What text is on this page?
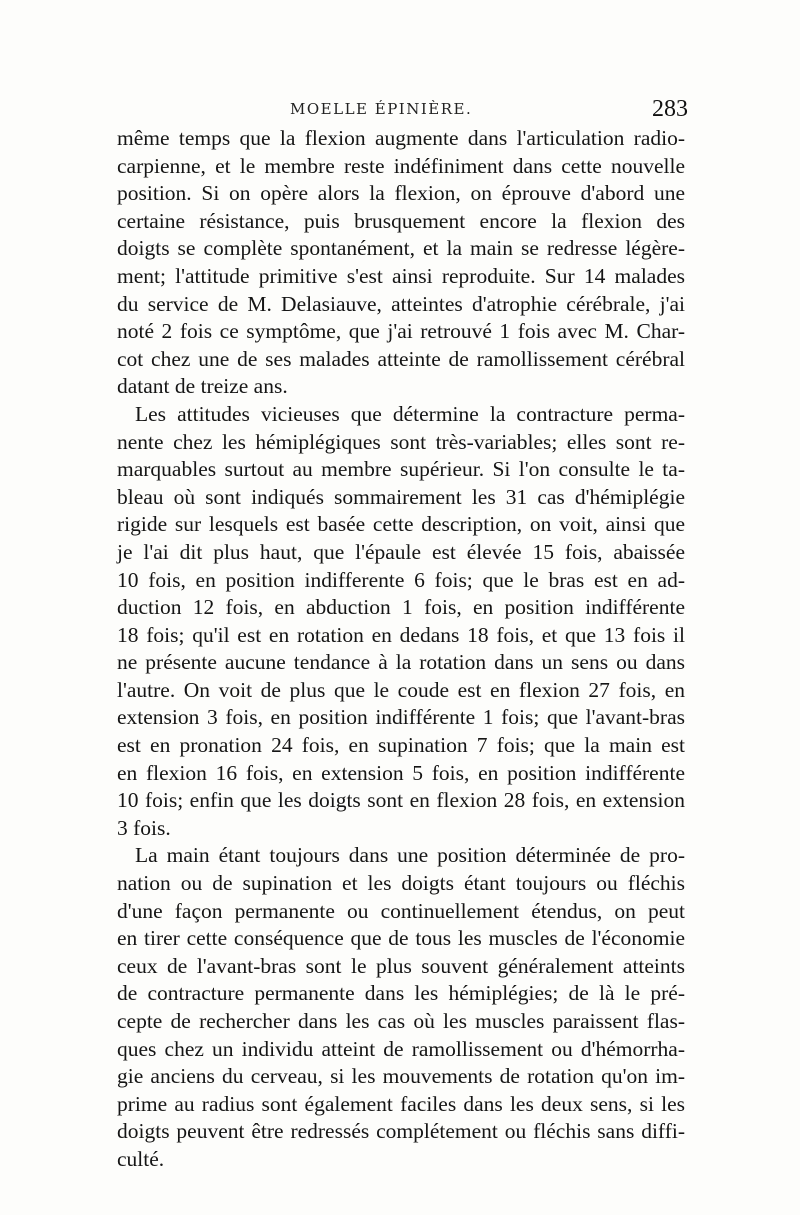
MOELLE ÉPINIÈRE.	283
même temps que la flexion augmente dans l'articulation radio-
carpienne, et le membre reste indéfiniment dans cette nouvelle
position. Si on opère alors la flexion, on éprouve d'abord une
certaine résistance, puis brusquement encore la flexion des
doigts se complète spontanément, et la main se redresse légère-
ment; l'attitude primitive s'est ainsi reproduite. Sur 14 malades
du service de M. Delasiauve, atteintes d'atrophie cérébrale, j'ai
noté 2 fois ce symptôme, que j'ai retrouvé 1 fois avec M. Char-
cot chez une de ses malades atteinte de ramollissement cérébral
datant de treize ans.
Les attitudes vicieuses que détermine la contracture perma-
nente chez les hémiplégiques sont très-variables; elles sont re-
marquables surtout au membre supérieur. Si l'on consulte le ta-
bleau où sont indiqués sommairement les 31 cas d'hémiplégie
rigide sur lesquels est basée cette description, on voit, ainsi que
je l'ai dit plus haut, que l'épaule est élevée 15 fois, abaissée
10 fois, en position indifferente 6 fois; que le bras est en ad-
duction 12 fois, en abduction 1 fois, en position indifférente
18 fois; qu'il est en rotation en dedans 18 fois, et que 13 fois il
ne présente aucune tendance à la rotation dans un sens ou dans
l'autre. On voit de plus que le coude est en flexion 27 fois, en
extension 3 fois, en position indifférente 1 fois; que l'avant-bras
est en pronation 24 fois, en supination 7 fois; que la main est
en flexion 16 fois, en extension 5 fois, en position indifférente
10 fois; enfin que les doigts sont en flexion 28 fois, en extension
3 fois.
La main étant toujours dans une position déterminée de pro-
nation ou de supination et les doigts étant toujours ou fléchis
d'une façon permanente ou continuellement étendus, on peut
en tirer cette conséquence que de tous les muscles de l'économie
ceux de l'avant-bras sont le plus souvent généralement atteints
de contracture permanente dans les hémiplégies; de là le pré-
cepte de rechercher dans les cas où les muscles paraissent flas-
ques chez un individu atteint de ramollissement ou d'hémorrha-
gie anciens du cerveau, si les mouvements de rotation qu'on im-
prime au radius sont également faciles dans les deux sens, si les
doigts peuvent être redressés complétement ou fléchis sans diffi-
culté.
